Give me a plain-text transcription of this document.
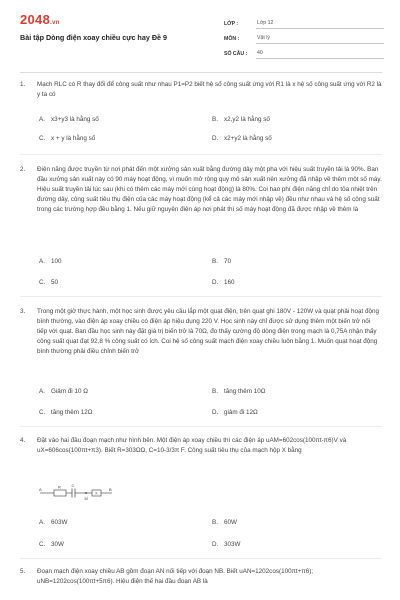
2048.vn
Bài tập Dòng điện xoay chiều cực hay Đề 9
LỚP :	Lớp 12
MÔN :	Vật lý
SỐ CÂU :	40
1.	Mạch RLC có R thay đổi để công suất như nhau P1=P2 biết hệ số công suất ứng với R1 là x hệ số công suất ứng với R2 là y ta có
A. x3+y3 là hằng số	B. x2,y2 là hằng số
C. x + y là hằng số	D. x2+y2 là hằng số
2.	Điện năng được truyền từ nơi phát đến một xưởng sản xuất bằng đường dây một pha với hiệu suất truyền tải là 90%. Ban đầu xưởng sản xuất này có 90 máy hoạt động, vì muốn mở rộng quy mô sản xuất nên xưởng đã nhập về thêm một số máy. Hiệu suất truyền tải lúc sau (khi có thêm các máy mới cùng hoạt động) là 80%. Coi hao phí điện năng chỉ do tỏa nhiệt trên đường dây, công suất tiêu thụ điện của các máy hoạt động (kể cả các máy mới nhập về) đều như nhau và hệ số công suất trong các trường hợp đều bằng 1. Nếu giữ nguyên điện áp nơi phát thì số máy hoạt động đã được nhập về thêm là
A. 100	B. 70
C. 50	D. 160
3.	Trong một giờ thực hành, một học sinh được yêu cầu lắp một quạt điện, trên quạt ghi 180V - 120W và quạt phải hoạt động bình thường, vào điện áp xoay chiều có điện áp hiệu dụng 220 V. Học sinh này chỉ được sử dụng thêm một biến trở nối tiếp với quạt. Ban đầu học sinh này đặt giá trị biến trở là 70Ω, đo thấy cường độ dòng điện trong mạch là 0,75A nhận thấy công suất quạt đạt 92,8 % công suất có ích. Coi hệ số công suất mạch điện xoay chiều luôn bằng 1. Muốn quạt hoạt động bình thường phải điều chỉnh biến trở
A. Giảm đi 10 Ω	B. tăng thêm 10Ω
C. tăng thêm 12Ω	D. giảm đi 12Ω
4.	Đặt vào hai đầu đoạn mạch như hình bên. Một điện áp xoay chiều thì các điện áp uAM=602cos(100πt-π6)V và uX=606cos(100πt+π3). Biết R=303ΩΩ, C=10-3/3π F. Công suất tiêu thụ của mạch hộp X bằng
A	R	C
M
X
B
A. 603W	B. 60W
C. 30W	D. 303W
5.	Đoạn mạch điện xoay chiều AB gồm đoạn AN nối tiếp với đoạn NB. Biết uAN=1202cos(100πt+π6); uNB=1202cos(100πt+5π6). Hiệu điện thế hai đầu đoạn AB là
